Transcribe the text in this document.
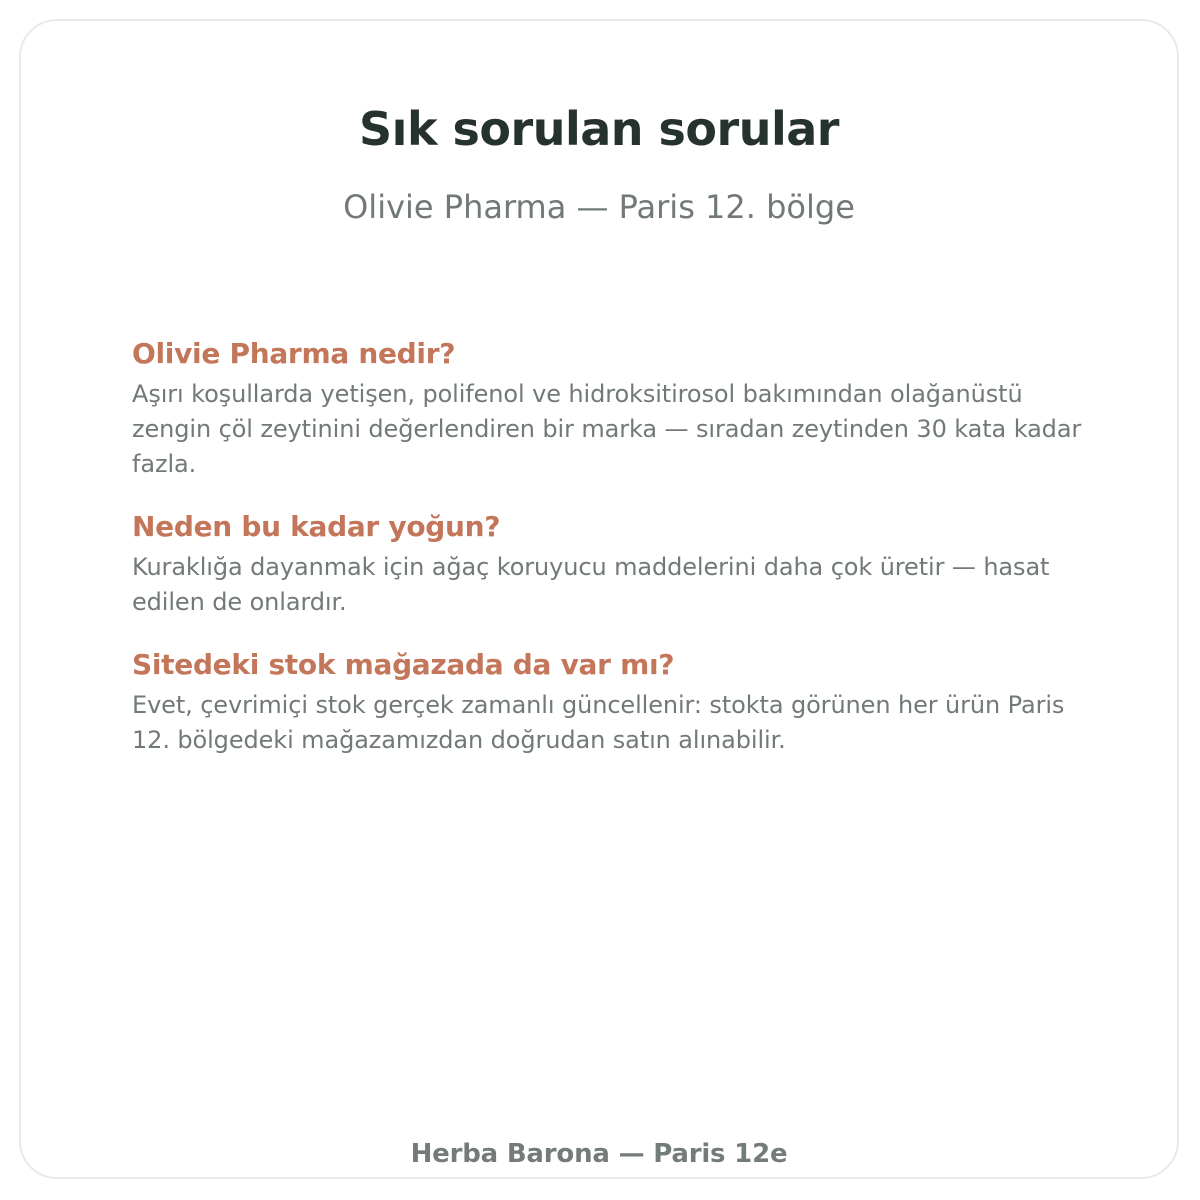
Sık sorulan sorular
Olivie Pharma — Paris 12. bölge
Olivie Pharma nedir?
Aşırı koşullarda yetişen, polifenol ve hidroksitirosol bakımından olağanüstü zengin çöl zeytinini değerlendiren bir marka — sıradan zeytinden 30 kata kadar fazla.
Neden bu kadar yoğun?
Kuraklığa dayanmak için ağaç koruyucu maddelerini daha çok üretir — hasat edilen de onlardır.
Sitedeki stok mağazada da var mı?
Evet, çevrimiçi stok gerçek zamanlı güncellenir: stokta görünen her ürün Paris 12. bölgedeki mağazamızdan doğrudan satın alınabilir.
Herba Barona — Paris 12e
